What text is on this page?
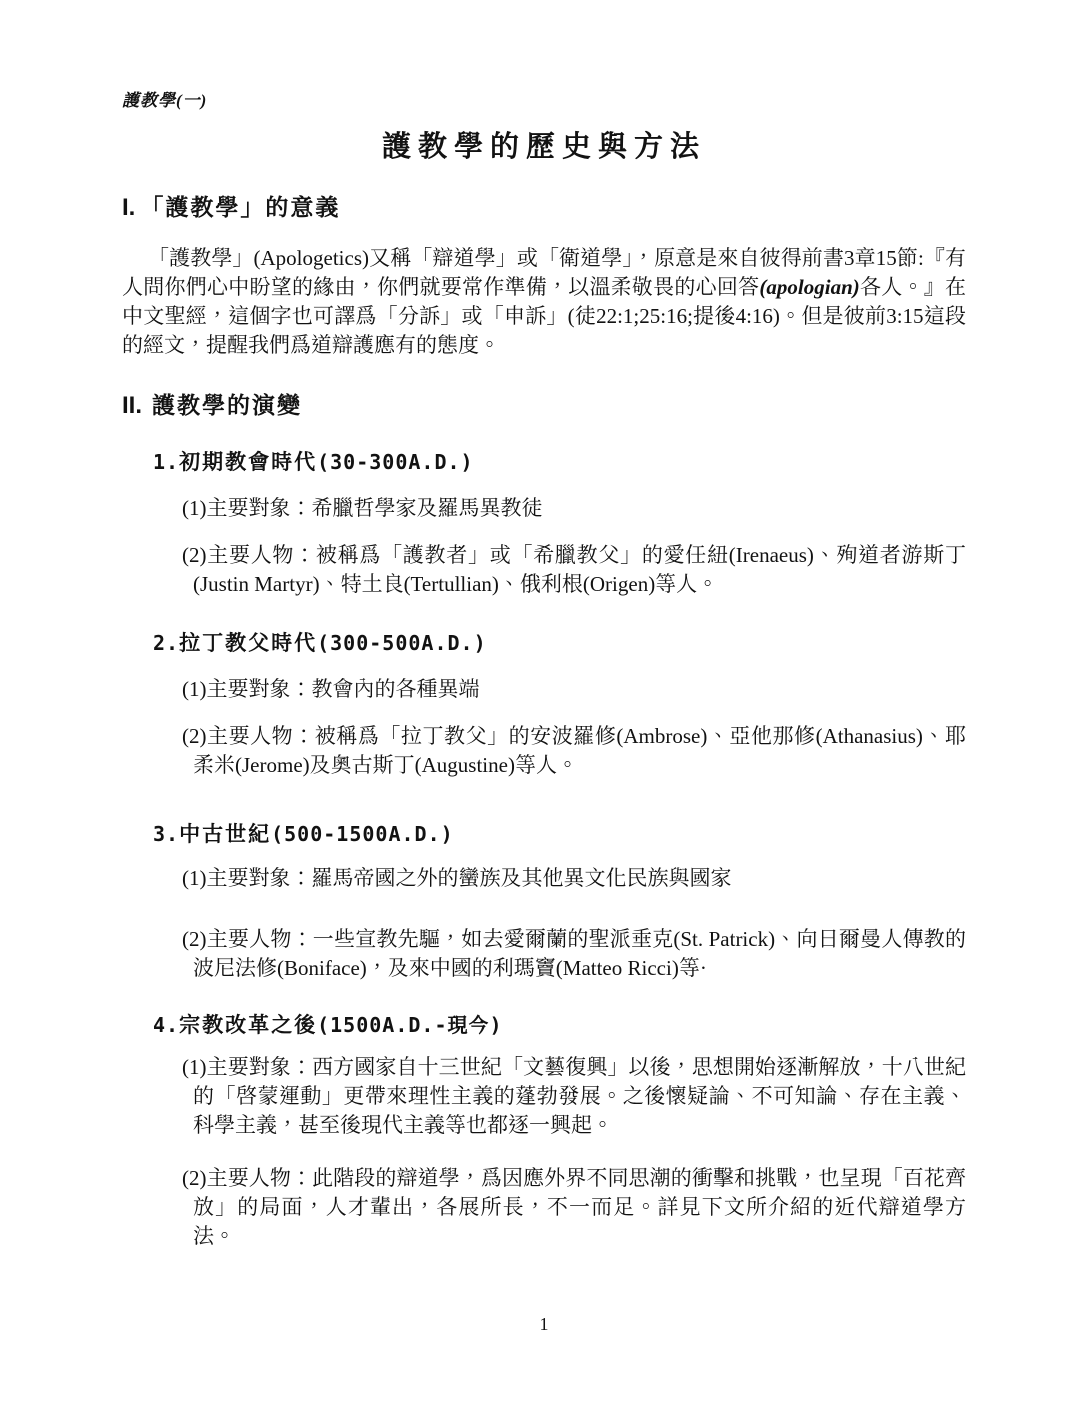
護教學(一)
護教學的歷史與方法
I. 「護教學」的意義

「護教學」(Apologetics)又稱「辯道學」或「衛道學」，原意是來自彼得前書3章15節:『有人問你們心中盼望的緣由，你們就要常作準備，以溫柔敬畏的心回答(apologian)各人。』在中文聖經，這個字也可譯爲「分訴」或「申訴」(徒22:1;25:16;提後4:16)。但是彼前3:15這段的經文，提醒我們爲道辯護應有的態度。

II. 護教學的演變
1.初期教會時代(30-300A.D.)

(1)主要對象：希臘哲學家及羅馬異教徒

(2)主要人物：被稱爲「護教者」或「希臘教父」的愛任紐(Irenaeus)、殉道者游斯丁(Justin Martyr)、特土良(Tertullian)、俄利根(Origen)等人。

2.拉丁教父時代(300-500A.D.)

(1)主要對象：教會內的各種異端

(2)主要人物：被稱爲「拉丁教父」的安波羅修(Ambrose)、亞他那修(Athanasius)、耶柔米(Jerome)及奧古斯丁(Augustine)等人。

3.中古世紀(500-1500A.D.)

(1)主要對象：羅馬帝國之外的蠻族及其他異文化民族與國家

(2)主要人物：一些宣教先驅，如去愛爾蘭的聖派垂克(St. Patrick)、向日爾曼人傳教的波尼法修(Boniface)，及來中國的利瑪竇(Matteo Ricci)等·

4.宗教改革之後(1500A.D.-現今)

(1)主要對象：西方國家自十三世紀「文藝復興」以後，思想開始逐漸解放，十八世紀的「啓蒙運動」更帶來理性主義的蓬勃發展。之後懷疑論、不可知論、存在主義、科學主義，甚至後現代主義等也都逐一興起。

(2)主要人物：此階段的辯道學，爲因應外界不同思潮的衝擊和挑戰，也呈現「百花齊放」的局面，人才輩出，各展所長，不一而足。詳見下文所介紹的近代辯道學方法。

1
